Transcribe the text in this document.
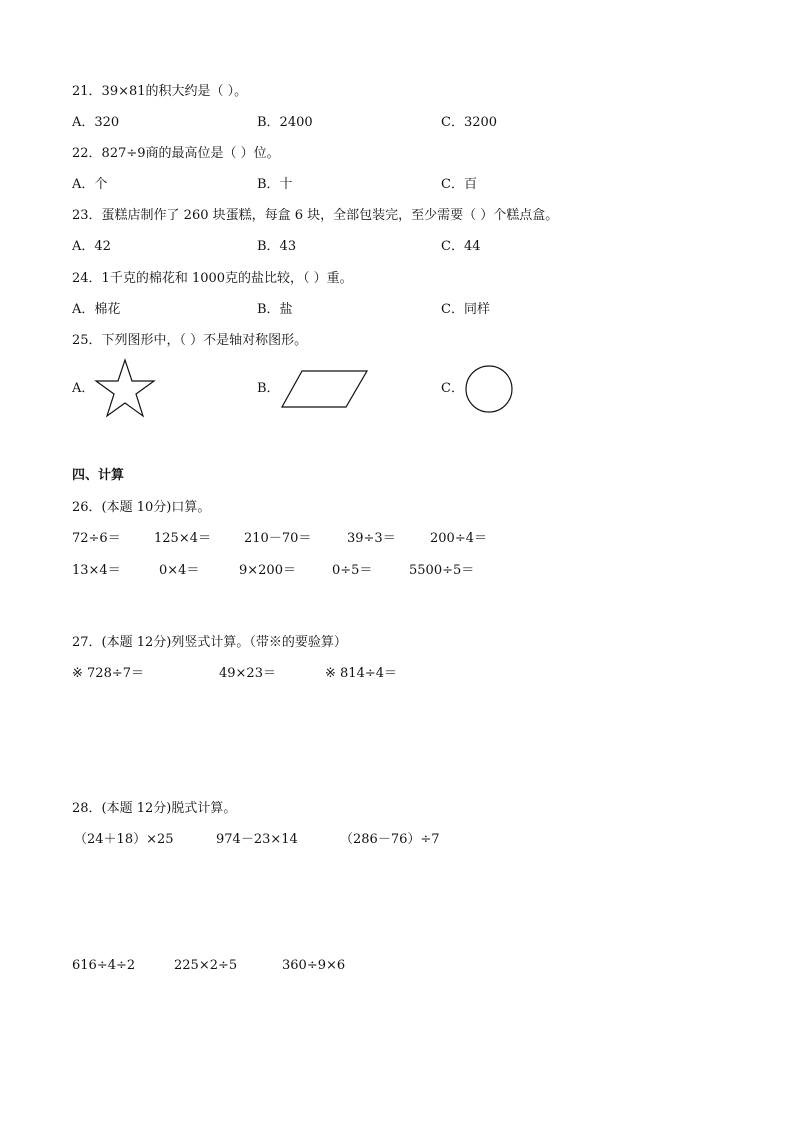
21．39×81的积大约是（ ）。
A．320	B．2400	C．3200
22．827÷9商的最高位是（ ）位。
A．个	B．十	C．百
23．蛋糕店制作了 260 块蛋糕，每盒 6 块，全部包装完，至少需要（ ）个糕点盒。
A．42	B．43	C．44
24．1千克的棉花和 1000克的盐比较，（ ）重。
A．棉花	B．盐	C．同样
25．下列图形中，（ ）不是轴对称图形。
A．	B．	C．
四、计算
26．(本题 10分)口算。
72÷6＝	125×4＝	210－70＝	39÷3＝	200÷4＝
13×4＝	0×4＝	9×200＝	0÷5＝	5500÷5＝
27．(本题 12分)列竖式计算。（带※的要验算）
※ 728÷7＝	49×23＝	※ 814÷4＝
28．(本题 12分)脱式计算。
（24＋18）×25	974－23×14	（286－76）÷7
616÷4÷2	225×2÷5	360÷9×6
